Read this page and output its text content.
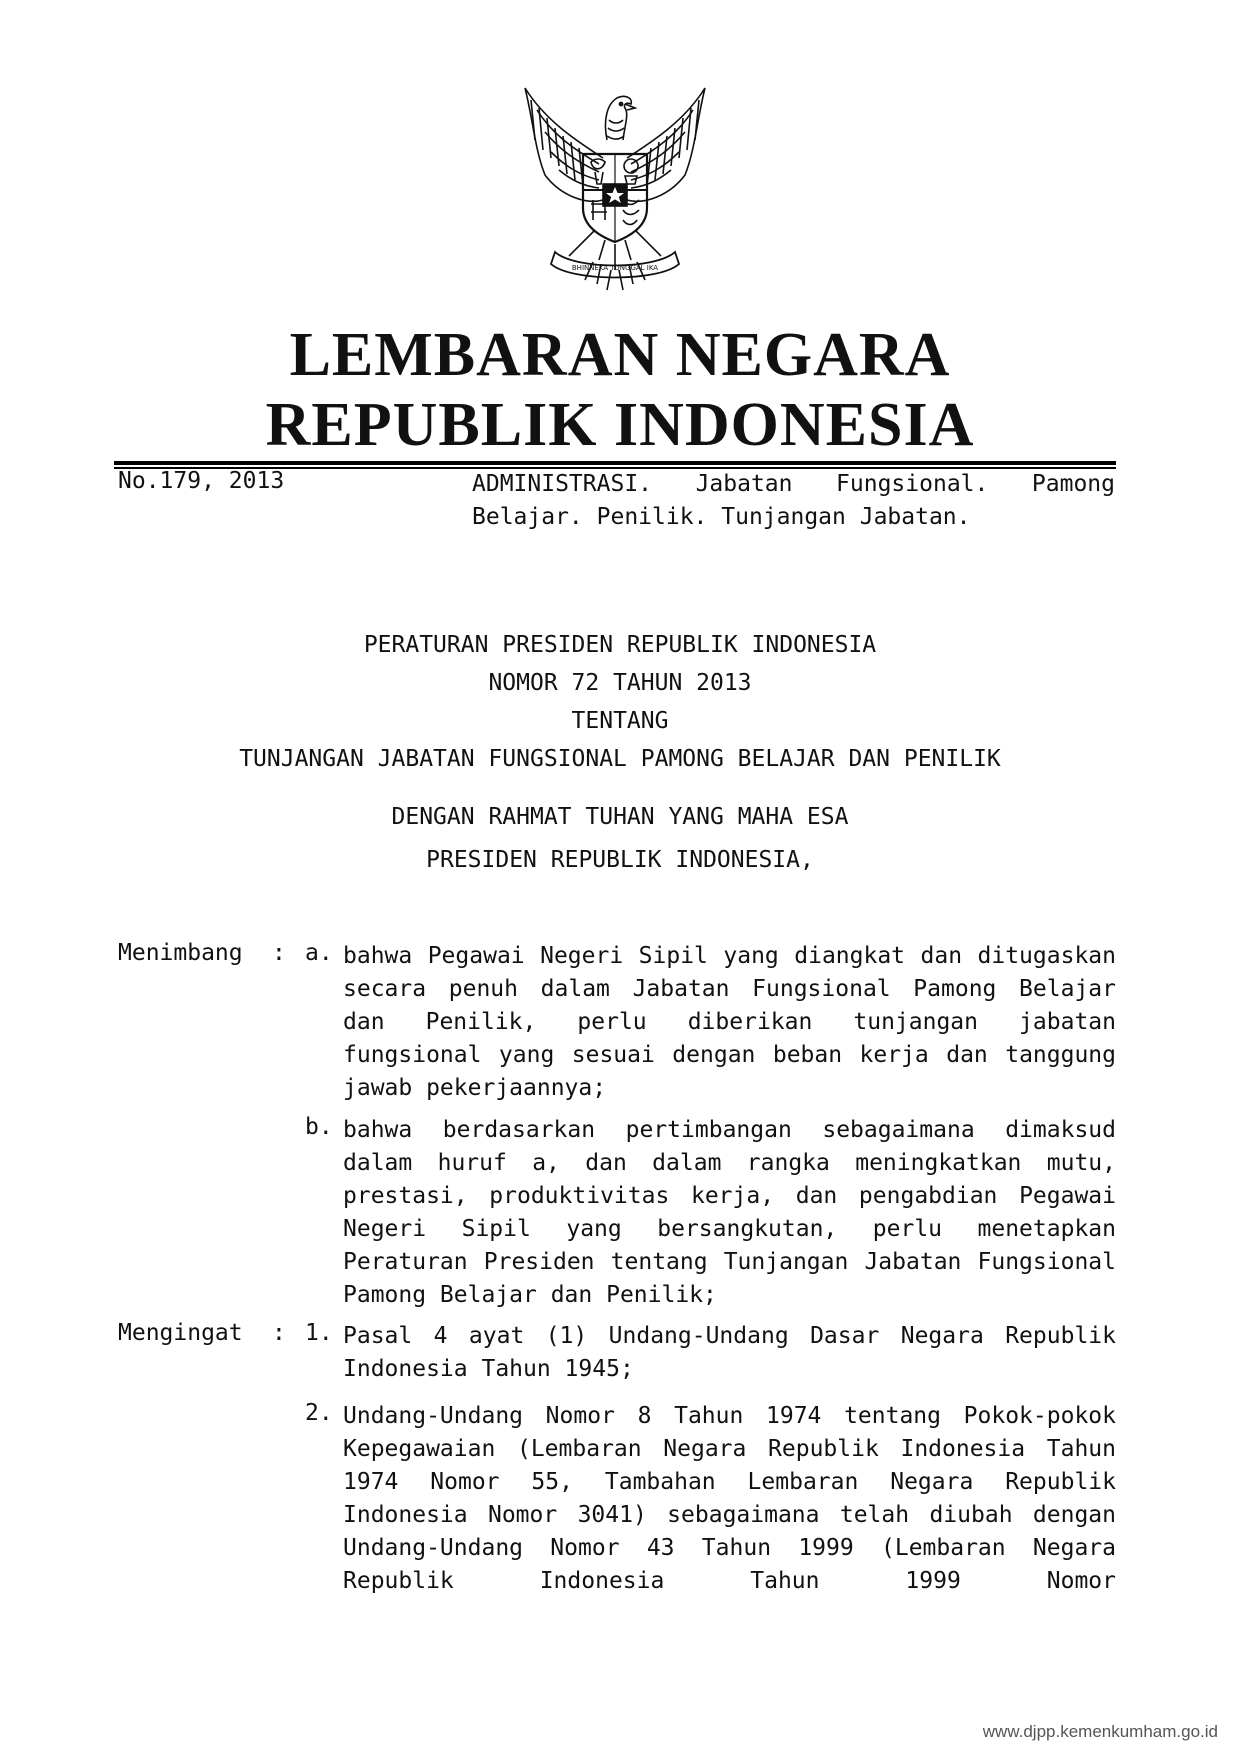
BHINNEKA TUNGGAL IKA
LEMBARAN NEGARA
REPUBLIK INDONESIA
No.179, 2013	ADMINISTRASI. Jabatan Fungsional. Pamong Belajar. Penilik. Tunjangan Jabatan.
PERATURAN PRESIDEN REPUBLIK INDONESIA
NOMOR 72 TAHUN 2013
TENTANG
TUNJANGAN JABATAN FUNGSIONAL PAMONG BELAJAR DAN PENILIK
DENGAN RAHMAT TUHAN YANG MAHA ESA
PRESIDEN REPUBLIK INDONESIA,
Menimbang : a. bahwa Pegawai Negeri Sipil yang diangkat dan ditugaskan secara penuh dalam Jabatan Fungsional Pamong Belajar dan Penilik, perlu diberikan tunjangan jabatan fungsional yang sesuai dengan beban kerja dan tanggung jawab pekerjaannya;

b. bahwa berdasarkan pertimbangan sebagaimana dimaksud dalam huruf a, dan dalam rangka meningkatkan mutu, prestasi, produktivitas kerja, dan pengabdian Pegawai Negeri Sipil yang bersangkutan, perlu menetapkan Peraturan Presiden tentang Tunjangan Jabatan Fungsional Pamong Belajar dan Penilik;

Mengingat : 1. Pasal 4 ayat (1) Undang-Undang Dasar Negara Republik Indonesia Tahun 1945;

2. Undang-Undang Nomor 8 Tahun 1974 tentang Pokok-pokok Kepegawaian (Lembaran Negara Republik Indonesia Tahun 1974 Nomor 55, Tambahan Lembaran Negara Republik Indonesia Nomor 3041) sebagaimana telah diubah dengan Undang-Undang Nomor 43 Tahun 1999 (Lembaran Negara Republik Indonesia Tahun 1999 Nomor

www.djpp.kemenkumham.go.id
